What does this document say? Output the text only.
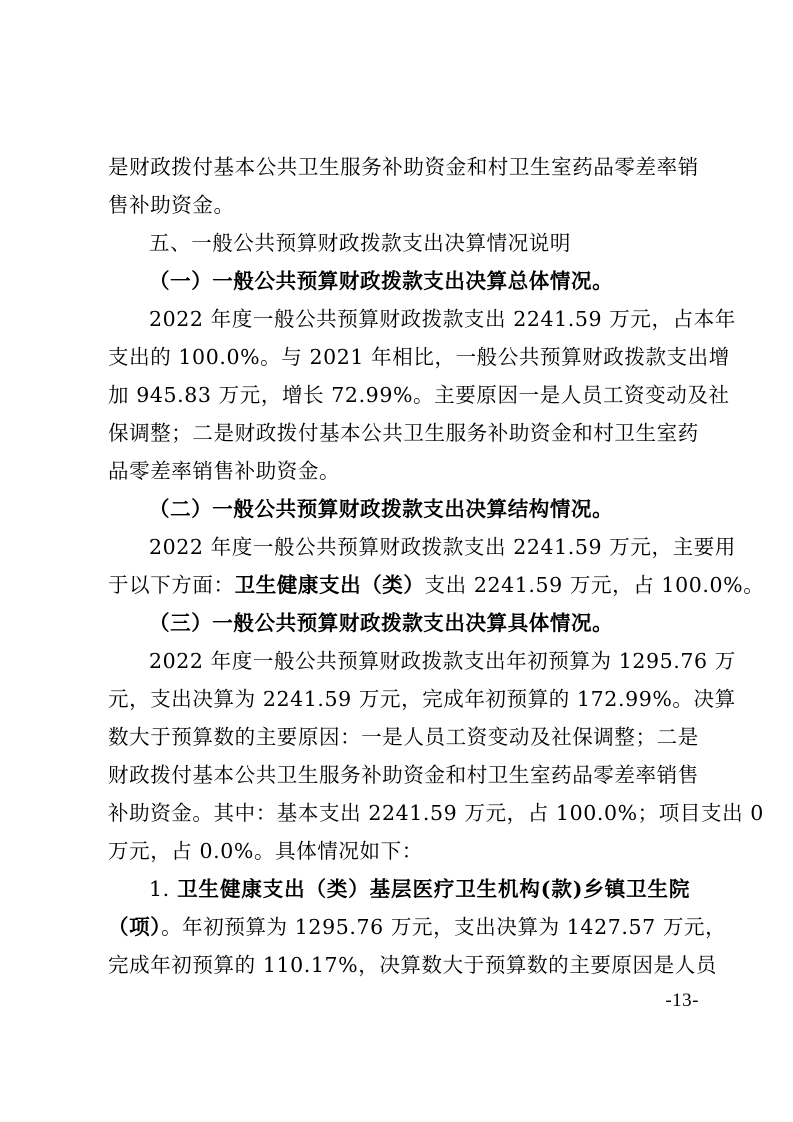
是财政拨付基本公共卫生服务补助资金和村卫生室药品零差率销
售补助资金。
五、一般公共预算财政拨款支出决算情况说明
（一）一般公共预算财政拨款支出决算总体情况。
2022 年度一般公共预算财政拨款支出 2241.59 万元，占本年
支出的 100.0%。与 2021 年相比，一般公共预算财政拨款支出增
加 945.83 万元，增长 72.99%。主要原因一是人员工资变动及社
保调整；二是财政拨付基本公共卫生服务补助资金和村卫生室药
品零差率销售补助资金。
（二）一般公共预算财政拨款支出决算结构情况。
2022 年度一般公共预算财政拨款支出 2241.59 万元，主要用
于以下方面：卫生健康支出（类）支出 2241.59 万元，占 100.0%。
（三）一般公共预算财政拨款支出决算具体情况。
2022 年度一般公共预算财政拨款支出年初预算为 1295.76 万
元，支出决算为 2241.59 万元，完成年初预算的 172.99%。决算
数大于预算数的主要原因：一是人员工资变动及社保调整；二是
财政拨付基本公共卫生服务补助资金和村卫生室药品零差率销售
补助资金。其中：基本支出 2241.59 万元，占 100.0%；项目支出 0
万元，占 0.0%。具体情况如下：
1. 卫生健康支出（类）基层医疗卫生机构(款)乡镇卫生院
（项）。年初预算为 1295.76 万元，支出决算为 1427.57 万元，
完成年初预算的 110.17%，决算数大于预算数的主要原因是人员
-13-
